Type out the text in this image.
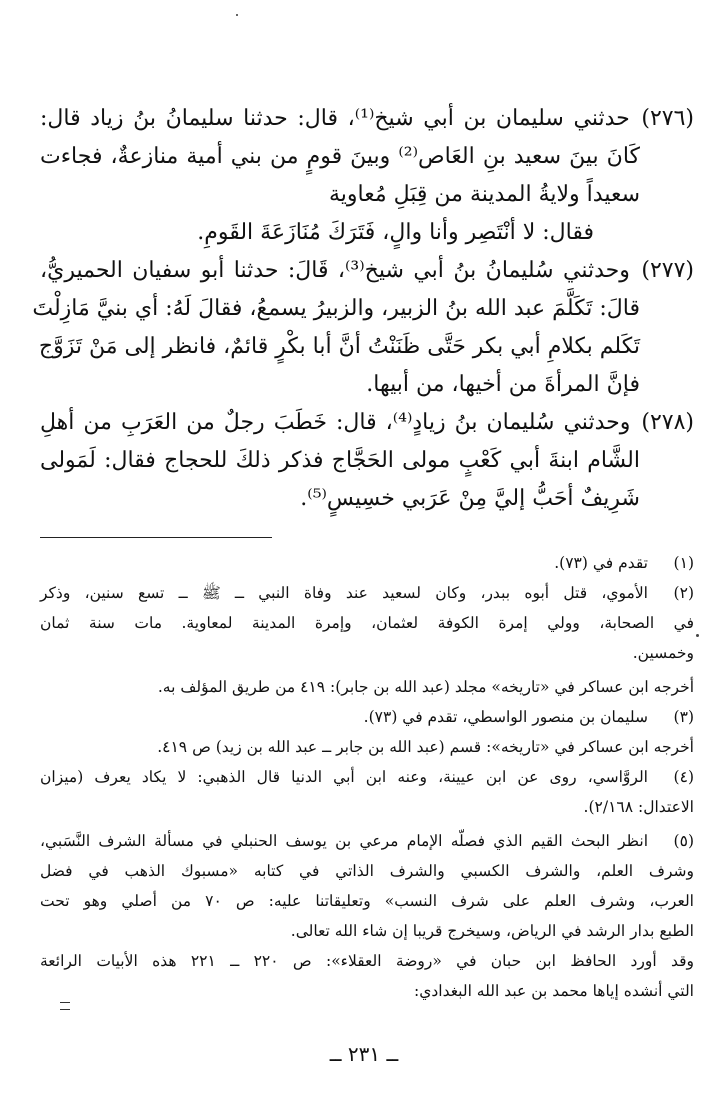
(٢٧٦) حدثني سليمان بن أبي شيخ⁽¹⁾، قال: حدثنا سليمانُ بنُ زياد قال:
كَانَ بينَ سعيد بنِ العَاص⁽²⁾ وبينَ قومٍ من بني أمية منازعةٌ، فجاءت
سعيداً ولايةُ المدينة من قِبَلِ مُعاوية
فقال: لا أنْتَصِر وأنا والٍ، فَتَرَكَ مُنَازَعَةَ القَومِ.
(٢٧٧) وحدثني سُليمانُ بنُ أبي شيخ⁽³⁾، قَالَ: حدثنا أبو سفيان الحميريُّ،
قالَ: تَكَلَّمَ عبد الله بنُ الزبير، والزبيرُ يسمعُ، فقالَ لَهُ: أي بنيَّ مَازِلْتَ
تَكَلم بكلامِ أبي بكر حَتَّى ظَنَنْتُ أنَّ أبا بكْرٍ قائمٌ، فانظر إلى مَنْ تَزَوَّج
فإنَّ المرأةَ من أخيها، من أبيها.
(٢٧٨) وحدثني سُليمان بنُ زيادٍ⁽⁴⁾، قال: خَطَبَ رجلٌ من العَرَبِ من أهلِ
الشَّام ابنةَ أبي كَعْبٍ مولى الحَجَّاج فذكر ذلكَ للحجاج فقال: لَمَولى
شَرِيفٌ أحَبُّ إليَّ مِنْ عَرَبي خسِيسٍ⁽⁵⁾.
(١)تقدم في (٧٣).
(٢)الأموي، قتل أبوه ببدر، وكان لسعيد عند وفاة النبي ــ ﷺ ــ تسع سنين، وذكر
في الصحابة، وولي إمرة الكوفة لعثمان، وإمرة المدينة لمعاوية. مات سنة ثمان
وخمسين.
أخرجه ابن عساكر في «تاريخه» مجلد (عبد الله بن جابر): ٤١٩ من طريق المؤلف به.
(٣)سليمان بن منصور الواسطي، تقدم في (٧٣).
أخرجه ابن عساكر في «تاريخه»: قسم (عبد الله بن جابر ــ عبد الله بن زيد) ص ٤١٩.
(٤)الروَّاسي، روى عن ابن عيينة، وعنه ابن أبي الدنيا قال الذهبي: لا يكاد يعرف (ميزان
الاعتدال: ٢/١٦٨).
(٥)انظر البحث القيم الذي فصلّه الإمام مرعي بن يوسف الحنبلي في مسألة الشرف النَّسَبي،
وشرف العلم، والشرف الكسبي والشرف الذاتي في كتابه «مسبوك الذهب في فضل
العرب، وشرف العلم على شرف النسب» وتعليقاتنا عليه: ص ٧٠ من أصلي وهو تحت
الطبع بدار الرشد في الرياض، وسيخرج قريبا إن شاء الله تعالى.
وقد أورد الحافظ ابن حبان في «روضة العقلاء»: ص ٢٢٠ ــ ٢٢١ هذه الأبيات الرائعة
التي أنشده إياها محمد بن عبد الله البغدادي:
ــ ٢٣١ ــ
